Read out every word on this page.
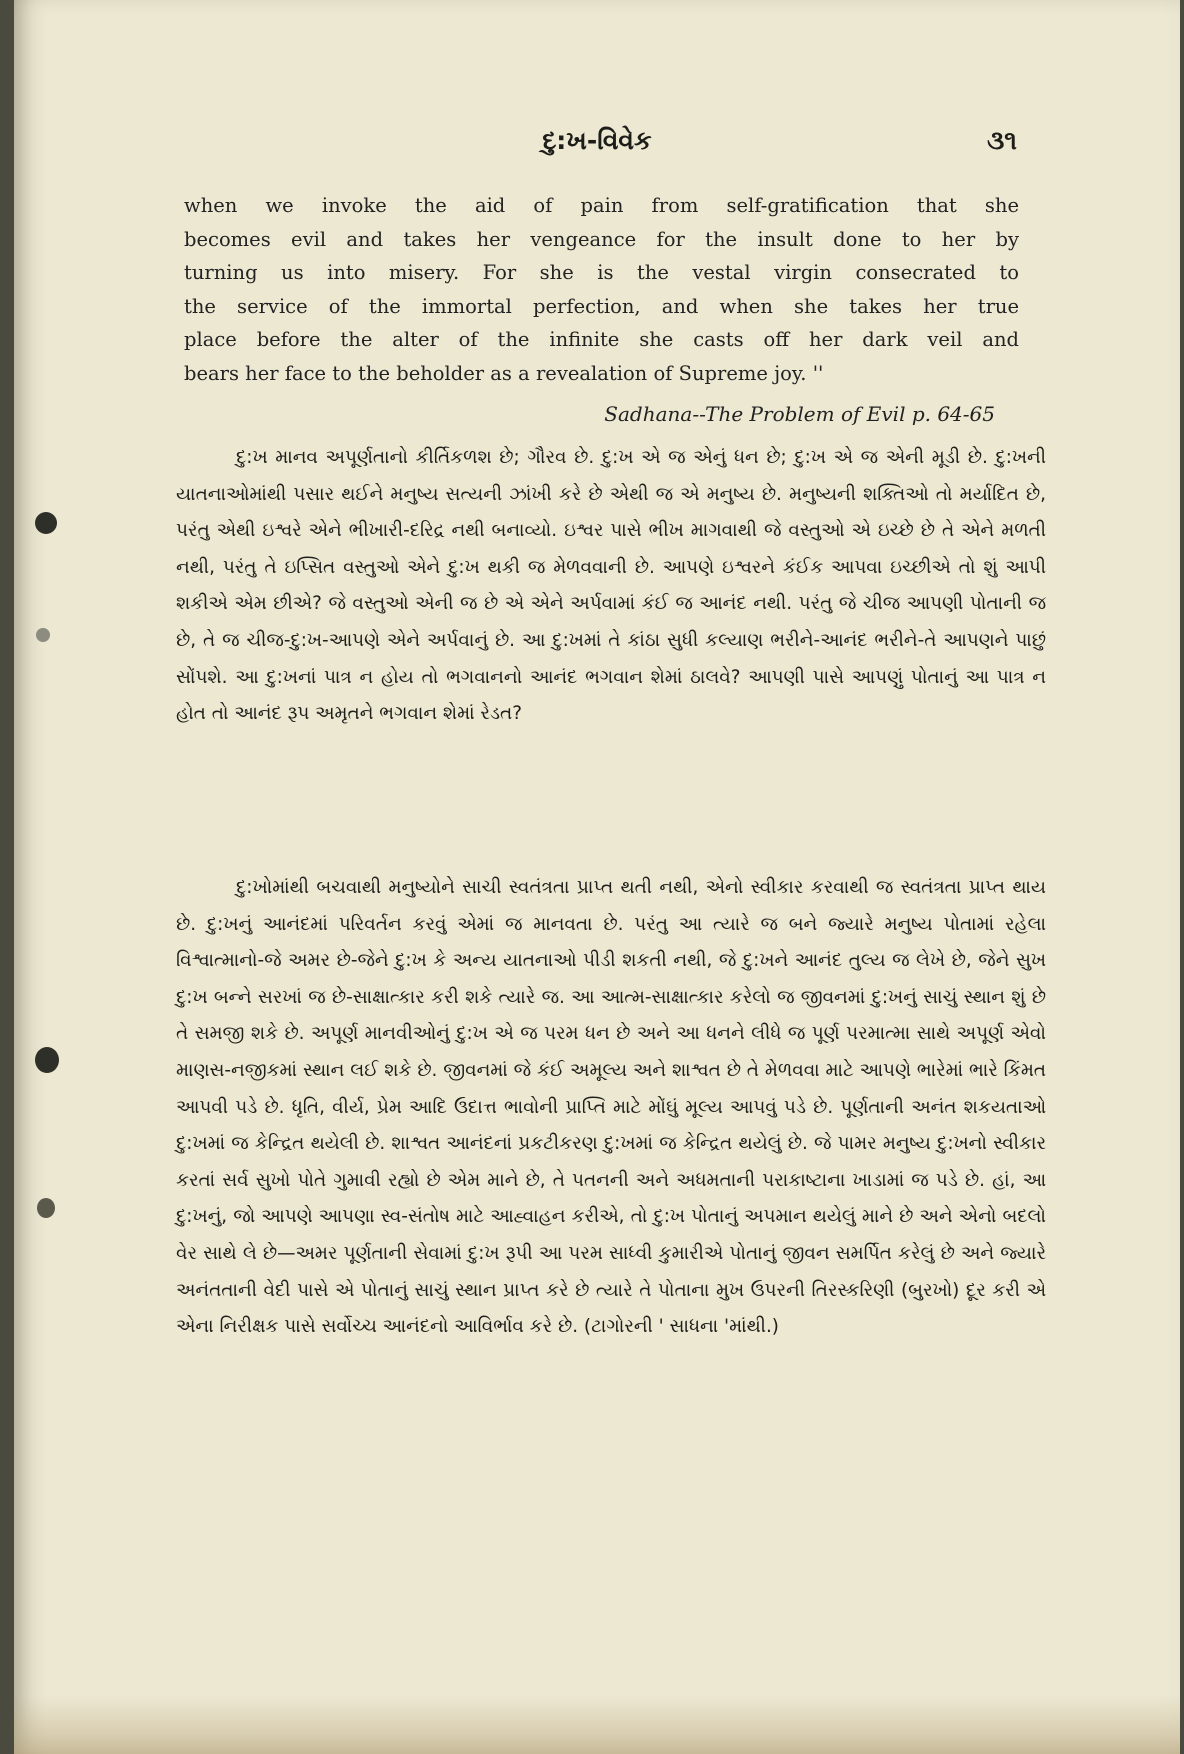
દુ:ખ-વિવેક	૩૧
when we invoke the aid of pain from self-gratification that she
becomes evil and takes her vengeance for the insult done to her by
turning us into misery. For she is the vestal virgin consecrated to
the service of the immortal perfection, and when she takes her true
place before the alter of the infinite she casts off her dark veil and
bears her face to the beholder as a revealation of Supreme joy. ''
Sadhana--The Problem of Evil p. 64-65

દુ:ખ માનવ અપૂર્ણતાનો કીર્તિકળશ છે; ગૌરવ છે. દુ:ખ એ જ એનું ધન છે; દુ:ખ એ જ એની મૂડી છે. દુ:ખની યાતનાઓમાંથી પસાર થઈને મનુષ્ય સત્યની ઝાંખી કરે છે એથી જ એ મનુષ્ય છે. મનુષ્યની શક્તિઓ તો મર્યાદિત છે, પરંતુ એથી ઇશ્વરે એને ભીખારી-દરિદ્ર નથી બનાવ્યો. ઇશ્વર પાસે ભીખ માગવાથી જે વસ્તુઓ એ ઇચ્છે છે તે એને મળતી નથી, પરંતુ તે ઇપ્સિત વસ્તુઓ એને દુ:ખ થકી જ મેળવવાની છે. આપણે ઇશ્વરને કંઈક આપવા ઇચ્છીએ તો શું આપી શકીએ એમ છીએ? જે વસ્તુઓ એની જ છે એ એને અર્પવામાં કંઈ જ આનંદ નથી. પરંતુ જે ચીજ આપણી પોતાની જ છે, તે જ ચીજ-દુ:ખ-આપણે એને અર્પવાનું છે. આ દુ:ખમાં તે કાંઠા સુધી કલ્યાણ ભરીને-આનંદ ભરીને-તે આપણને પાછું સોંપશે. આ દુ:ખનાં પાત્ર ન હોય તો ભગવાનનો આનંદ ભગવાન શેમાં ઠાલવે? આપણી પાસે આપણું પોતાનું આ પાત્ર ન હોત તો આનંદ રૂપ અમૃતને ભગવાન શેમાં રેડત?

દુ:ખોમાંથી બચવાથી મનુષ્યોને સાચી સ્વતંત્રતા પ્રાપ્ત થતી નથી, એનો સ્વીકાર કરવાથી જ સ્વતંત્રતા પ્રાપ્ત થાય છે. દુ:ખનું આનંદમાં પરિવર્તન કરવું એમાં જ માનવતા છે. પરંતુ આ ત્યારે જ બને જ્યારે મનુષ્ય પોતામાં રહેલા વિશ્વાત્માનો-જે અમર છે-જેને દુ:ખ કે અન્ય યાતનાઓ પીડી શકતી નથી, જે દુ:ખને આનંદ તુલ્ય જ લેખે છે, જેને સુખ દુ:ખ બન્ને સરખાં જ છે-સાક્ષાત્કાર કરી શકે ત્યારે જ. આ આત્મ-સાક્ષાત્કાર કરેલો જ જીવનમાં દુ:ખનું સાચું સ્થાન શું છે તે સમજી શકે છે. અપૂર્ણ માનવીઓનું દુ:ખ એ જ પરમ ધન છે અને આ ધનને લીધે જ પૂર્ણ પરમાત્મા સાથે અપૂર્ણ એવો માણસ-નજીકમાં સ્થાન લઈ શકે છે. જીવનમાં જે કંઈ અમૂલ્ય અને શાશ્વત છે તે મેળવવા માટે આપણે ભારેમાં ભારે કિંમત આપવી પડે છે. ધૃતિ, વીર્ય, પ્રેમ આદિ ઉદાત્ત ભાવોની પ્રાપ્તિ માટે મોંઘું મૂલ્ય આપવું પડે છે. પૂર્ણતાની અનંત શકયતાઓ દુ:ખમાં જ કેન્દ્રિત થયેલી છે. શાશ્વત આનંદનાં પ્રકટીકરણ દુ:ખમાં જ કેન્દ્રિત થયેલું છે. જે પામર મનુષ્ય દુ:ખનો સ્વીકાર કરતાં સર્વ સુખો પોતે ગુમાવી રહ્યો છે એમ માને છે, તે પતનની અને અધમતાની પરાકાષ્ટાના ખાડામાં જ પડે છે. હાં, આ દુ:ખનું, જો આપણે આપણા સ્વ-સંતોષ માટે આહ્વાહન કરીએ, તો દુ:ખ પોતાનું અપમાન થયેલું માને છે અને એનો બદલો વેર સાથે લે છે—અમર પૂર્ણતાની સેવામાં દુ:ખ રૂપી આ પરમ સાધ્વી કુમારીએ પોતાનું જીવન સમર્પિત કરેલું છે અને જ્યારે અનંતતાની વેદી પાસે એ પોતાનું સાચું સ્થાન પ્રાપ્ત કરે છે ત્યારે તે પોતાના મુખ ઉપરની તિરસ્કરિણી (બુરખો) દૂર કરી એ એના નિરીક્ષક પાસે સર્વોચ્ચ આનંદનો આવિર્ભાવ કરે છે. (ટાગોરની ' સાધના 'માંથી.)
